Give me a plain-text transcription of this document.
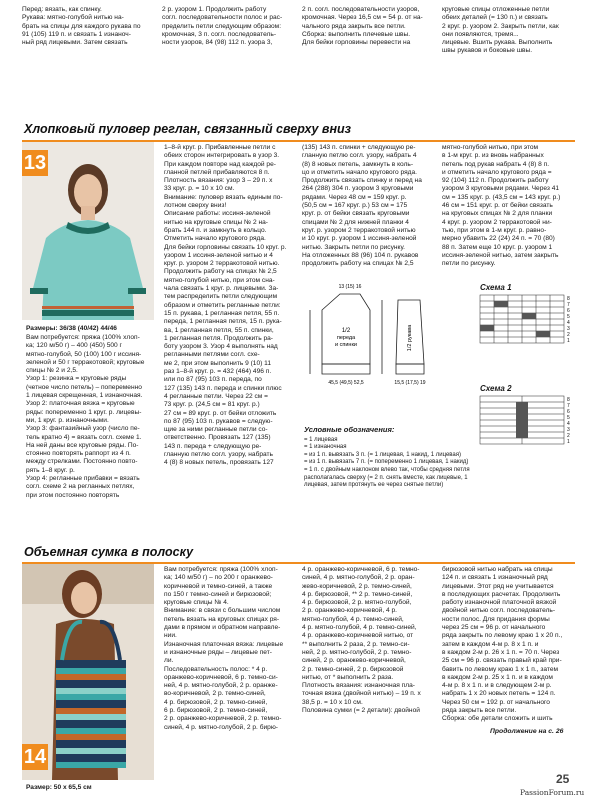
Перед: вязать, как спинку.
Рукава: мятно-голубой нитью на-
брать на спицы для каждого рукава по
91 (105) 119 п. и связать 1 изнаноч-
ный ряд лицевыми. Затем связать
2 р. узором 1. Продолжить работу
согл. последовательности полос и рас-
пределить петли следующим образом:
кромочная, 3 п. согл. последователь-
ности узоров, 84 (98) 112 п. узора 3,
2 п. согл. последовательности узоров,
кромочная. Через 16,5 см = 54 р. от на-
чального ряда закрыть все петли.
Сборка: выполнить плечевые швы.
Для бейки горловины перевести на
круговые спицы отложенные петли
обеих деталей (= 130 п.) и связать
2 круг. р. узором 2. Закрыть петли, как
они появляются, тремя...
лицевые. Вшить рукава. Выполнить
швы рукавов и боковые швы.
Хлопковый пуловер реглан, связанный сверху вниз
13
Размеры: 36/38 (40/42) 44/46
Вам потребуется: пряжа (100% хлоп-
ка; 120 м/50 г) – 400 (450) 500 г
мятно-голубой, 50 (100) 100 г иссиня-
зеленой и 50 г терракотовой; круговые
спицы № 2 и 2,5.
Узор 1: резинка = круговые ряды
(четное число петель) – попеременно
1 лицевая скрещенная, 1 изнаночная.
Узор 2: платочная вязка = круговые
ряды: попеременно 1 круг. р. лицевы-
ми, 1 круг. р. изнаночными.
Узор 3: фантазийный узор (число пе-
тель кратно 4) = вязать согл. схеме 1.
На ней даны все круговые ряды. По-
стоянно повторять раппорт из 4 п.
между стрелками. Постоянно повто-
рять 1–8 круг. р.
Узор 4: регланные прибавки = вязать
согл. схеме 2 на регланных петлях,
при этом постоянно повторять
1–8-й круг. р. Прибавленные петли с
обеих сторон интегрировать в узор 3.
При каждом повторе над каждой ре-
гланной петлей прибавляются 8 п.
Плотность вязания: узор 3 – 29 п. х
33 круг. р. = 10 х 10 см.
Внимание: пуловер вязать единым по-
лотном сверху вниз!
Описание работы: иссиня-зеленой
нитью на круговые спицы № 2 на-
брать 144 п. и замкнуть в кольцо.
Отметить начало кругового ряда.
Для бейки горловины связать 10 круг. р.
узором 1 иссиня-зеленой нитью и 4
круг. р. узором 2 терракотовой нитью.
Продолжить работу на спицах № 2,5
мятно-голубой нитью, при этом сна-
чала связать 1 круг. р. лицевыми. За-
тем распределить петли следующим
образом и отметить регланные петли:
15 п. рукава, 1 регланная петля, 55 п.
переда, 1 регланная петля, 15 п. рука-
ва, 1 регланная петля, 55 п. спинки,
1 регланная петля. Продолжить ра-
боту узором 3. Узор 4 выполнять над
регланными петлями согл. схе-
ме 2, при этом выполнить 9 (10) 11
раз 1–8-й круг. р. = 432 (464) 496 п.
или по 87 (95) 103 п. переда, по
127 (135) 143 п. переда и спинки плюс
4 регланные петли. Через 22 см =
73 круг. р. (24,5 см = 81 круг. р.)
27 см = 89 круг. р. от бейки отложить
по 87 (95) 103 п. рукавов = следую-
щие за ними регланные петли со-
ответственно. Провязать 127 (135)
143 п. переда + следующую ре-
гланную петлю согл. узору, набрать
4 (8) 8 новых петель, провязать 127
(135) 143 п. спинки + следующую ре-
гланную петлю согл. узору, набрать 4
(8) 8 новых петель, замкнуть в коль-
цо и отметить начало кругового ряда.
Продолжить связать спинку и перед на
264 (288) 304 п. узором 3 круговыми
рядами. Через 48 см = 159 круг. р.
(50,5 см = 167 круг. р.) 53 см = 175
круг. р. от бейки связать круговыми
спицами № 2 для нижней планки 4
круг. р. узором 2 терракотовой нитью
и 10 круг. р. узором 1 иссиня-зеленой
нитью. Закрыть петли по рисунку.
На отложенных 88 (96) 104 п. рукавов
продолжить работу на спицах № 2,5
мятно-голубой нитью, при этом
в 1-м круг. р. из вновь набранных
петель под рукав набрать 4 (8) 8 п.
и отметить начало кругового ряда =
92 (104) 112 п. Продолжить работу
узором 3 круговыми рядами. Через 41
см = 135 круг. р. (43,5 см = 143 круг. р.)
46 см = 151 круг. р. от бейки связать
на круговых спицах № 2 для планки
4 круг. р. узором 2 терракотовой ни-
тью, при этом в 1-м круг. р. равно-
мерно убавить 22 (24) 24 п. = 70 (80)
88 п. Затем еще 10 круг. р. узором 1
иссиня-зеленой нитью, затем закрыть
петли по рисунку.
1/2
переда
и спинки	1/2 рукава
45,5 (49,5) 52,5	15,5 (17,5) 19
13 (15) 16	Схема 1
8
7
6
5
4
3
2
1
Схема 2
8
7
6
5
4
3
2
1
Условные обозначения:
= 1 лицевая
= 1 изнаночная
= из 1 п. вывязать 3 п. (= 1 лицевая, 1 накид, 1 лицевая)
= из 1 п. вывязать 7 п. (= попеременно 1 лицевая, 1 накид)
= 1 п. с двойным наклоном влево так, чтобы средняя петля располагалась сверху (= 2 п. снять вместе, как лицевые, 1 лицевая, затем протянуть ее через снятые петли)
Объемная сумка в полоску
14
Размер: 50 х 65,5 см
Вам потребуется: пряжа (100% хлоп-
ка; 140 м/50 г) – по 200 г оранжево-
коричневой и темно-синей, а также
по 150 г темно-синей и бирюзовой;
круговые спицы № 4.
Внимание: в связи с большим числом
петель вязать на круговых спицах ря-
дами в прямом и обратном направле-
нии.
Изнаночная платочная вязка: лицевые
и изнаночные ряды – лицевые пет-
ли.
Последовательность полос: * 4 р.
оранжево-коричневой, 6 р. темно-си-
ней, 4 р. мятно-голубой, 2 р. оранже-
во-коричневой, 2 р. темно-синей,
4 р. бирюзовой, 2 р. темно-синей,
6 р. бирюзовой, 2 р. темно-синей,
2 р. оранжево-коричневой, 2 р. темно-
синей, 4 р. мятно-голубой, 2 р. бирю-
4 р. оранжево-коричневой, 6 р. темно-
синей, 4 р. мятно-голубой, 2 р. оран-
жево-коричневой, 2 р. темно-синей,
4 р. бирюзовой, ** 2 р. темно-синей,
4 р. бирюзовой, 2 р. мятно-голубой,
2 р. оранжево-коричневой, 4 р.
мятно-голубой, 4 р. темно-синей,
4 р. мятно-голубой, 4 р. темно-синей,
4 р. оранжево-коричневой нитью, от
** выполнить 2 раза, 2 р. темно-си-
ней, 2 р. мятно-голубой, 2 р. темно-
синей, 2 р. оранжево-коричневой,
2 р. темно-синей, 2 р. бирюзовой
нитью, от * выполнить 2 раза.
Плотность вязания: изнаночная пла-
точная вязка (двойной нитью) – 19 п. х
38,5 р. = 10 х 10 см.
Половина сумки (= 2 детали): двойной
бирюзовой нитью набрать на спицы
124 п. и связать 1 изнаночный ряд
лицевыми. Этот ряд не учитывается
в последующих расчетах. Продолжить
работу изнаночной платочной вязкой
двойной нитью согл. последователь-
ности полос. Для придания формы
через 25 см = 96 р. от начального
ряда закрыть по левому краю 1 х 20 п.,
затем в каждом 4-м р. 8 х 1 п. и
в каждом 2-м р. 26 х 1 п. = 70 п. Через
25 см = 96 р. связать правый край при-
бавить по левому краю 1 х 1 п., затем
в каждом 2-м р. 25 х 1 п. и в каждом
4-м р. 8 х 1 п. и в следующем 2-м р.
набрать 1 х 20 новых петель = 124 п.
Через 50 см = 192 р. от начального
ряда закрыть все петли.
Сборка: обе детали сложить и шить
Продолжение на с. 26
25
PassionForum.ru
